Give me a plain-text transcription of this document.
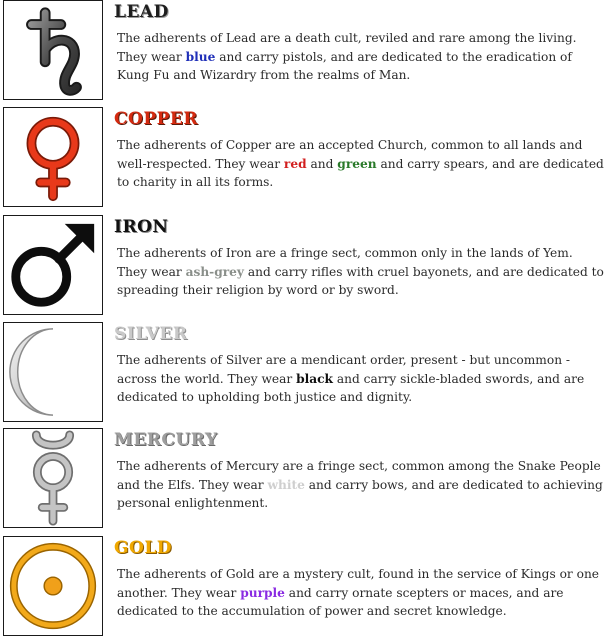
LEAD

The adherents of Lead are a death cult, reviled and rare among the living. They wear blue and carry pistols, and are dedicated to the eradication of Kung Fu and Wizardry from the realms of Man.

COPPER

The adherents of Copper are an accepted Church, common to all lands and well-respected. They wear red and green and carry spears, and are dedicated to charity in all its forms.

IRON

The adherents of Iron are a fringe sect, common only in the lands of Yem. They wear ash-grey and carry rifles with cruel bayonets, and are dedicated to spreading their religion by word or by sword.

SILVER

The adherents of Silver are a mendicant order, present - but uncommon - across the world. They wear black and carry sickle-bladed swords, and are dedicated to upholding both justice and dignity.

MERCURY

The adherents of Mercury are a fringe sect, common among the Snake People and the Elfs. They wear white and carry bows, and are dedicated to achieving personal enlightenment.

GOLD

The adherents of Gold are a mystery cult, found in the service of Kings or one another. They wear purple and carry ornate scepters or maces, and are dedicated to the accumulation of power and secret knowledge.
